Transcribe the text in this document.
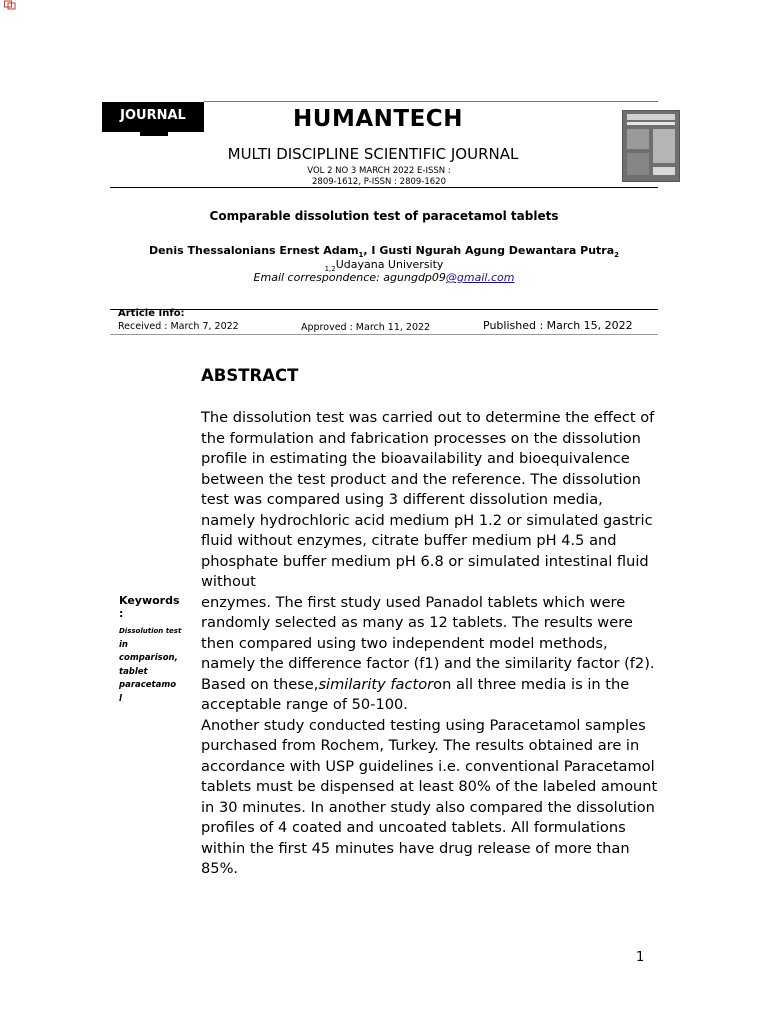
JOURNAL	HUMANTECH
MULTI DISCIPLINE SCIENTIFIC JOURNAL
VOL 2 NO 3 MARCH 2022 E-ISSN :
2809-1612, P-ISSN : 2809-1620
Comparable dissolution test of paracetamol tablets
Denis Thessalonians Ernest Adam$_1$, I Gusti Ngurah Agung Dewantara Putra$_2$
$_{1,2}$Udayana University
Email correspondence: agungdp09@gmail.com
Article Info:
Received : March 7, 2022	Approved : March 11, 2022	Published : March 15, 2022
ABSTRACT
The dissolution test was carried out to determine the effect of
the formulation and fabrication processes on the dissolution
profile in estimating the bioavailability and bioequivalence
between the test product and the reference. The dissolution
test was compared using 3 different dissolution media,
namely hydrochloric acid medium pH 1.2 or simulated gastric
fluid without enzymes, citrate buffer medium pH 4.5 and
phosphate buffer medium pH 6.8 or simulated intestinal fluid
without
enzymes. The first study used Panadol tablets which were
randomly selected as many as 12 tablets. The results were
then compared using two independent model methods,
namely the difference factor (f1) and the similarity factor (f2).
Based on these,similarity factoron all three media is in the
acceptable range of 50-100.
Another study conducted testing using Paracetamol samples
purchased from Rochem, Turkey. The results obtained are in
accordance with USP guidelines i.e. conventional Paracetamol
tablets must be dispensed at least 80% of the labeled amount
in 30 minutes. In another study also compared the dissolution
profiles of 4 coated and uncoated tablets. All formulations
within the first 45 minutes have drug release of more than
85%.
Keywords
:
Dissolution test
in
comparison,
tablet
paracetamo
l
1
